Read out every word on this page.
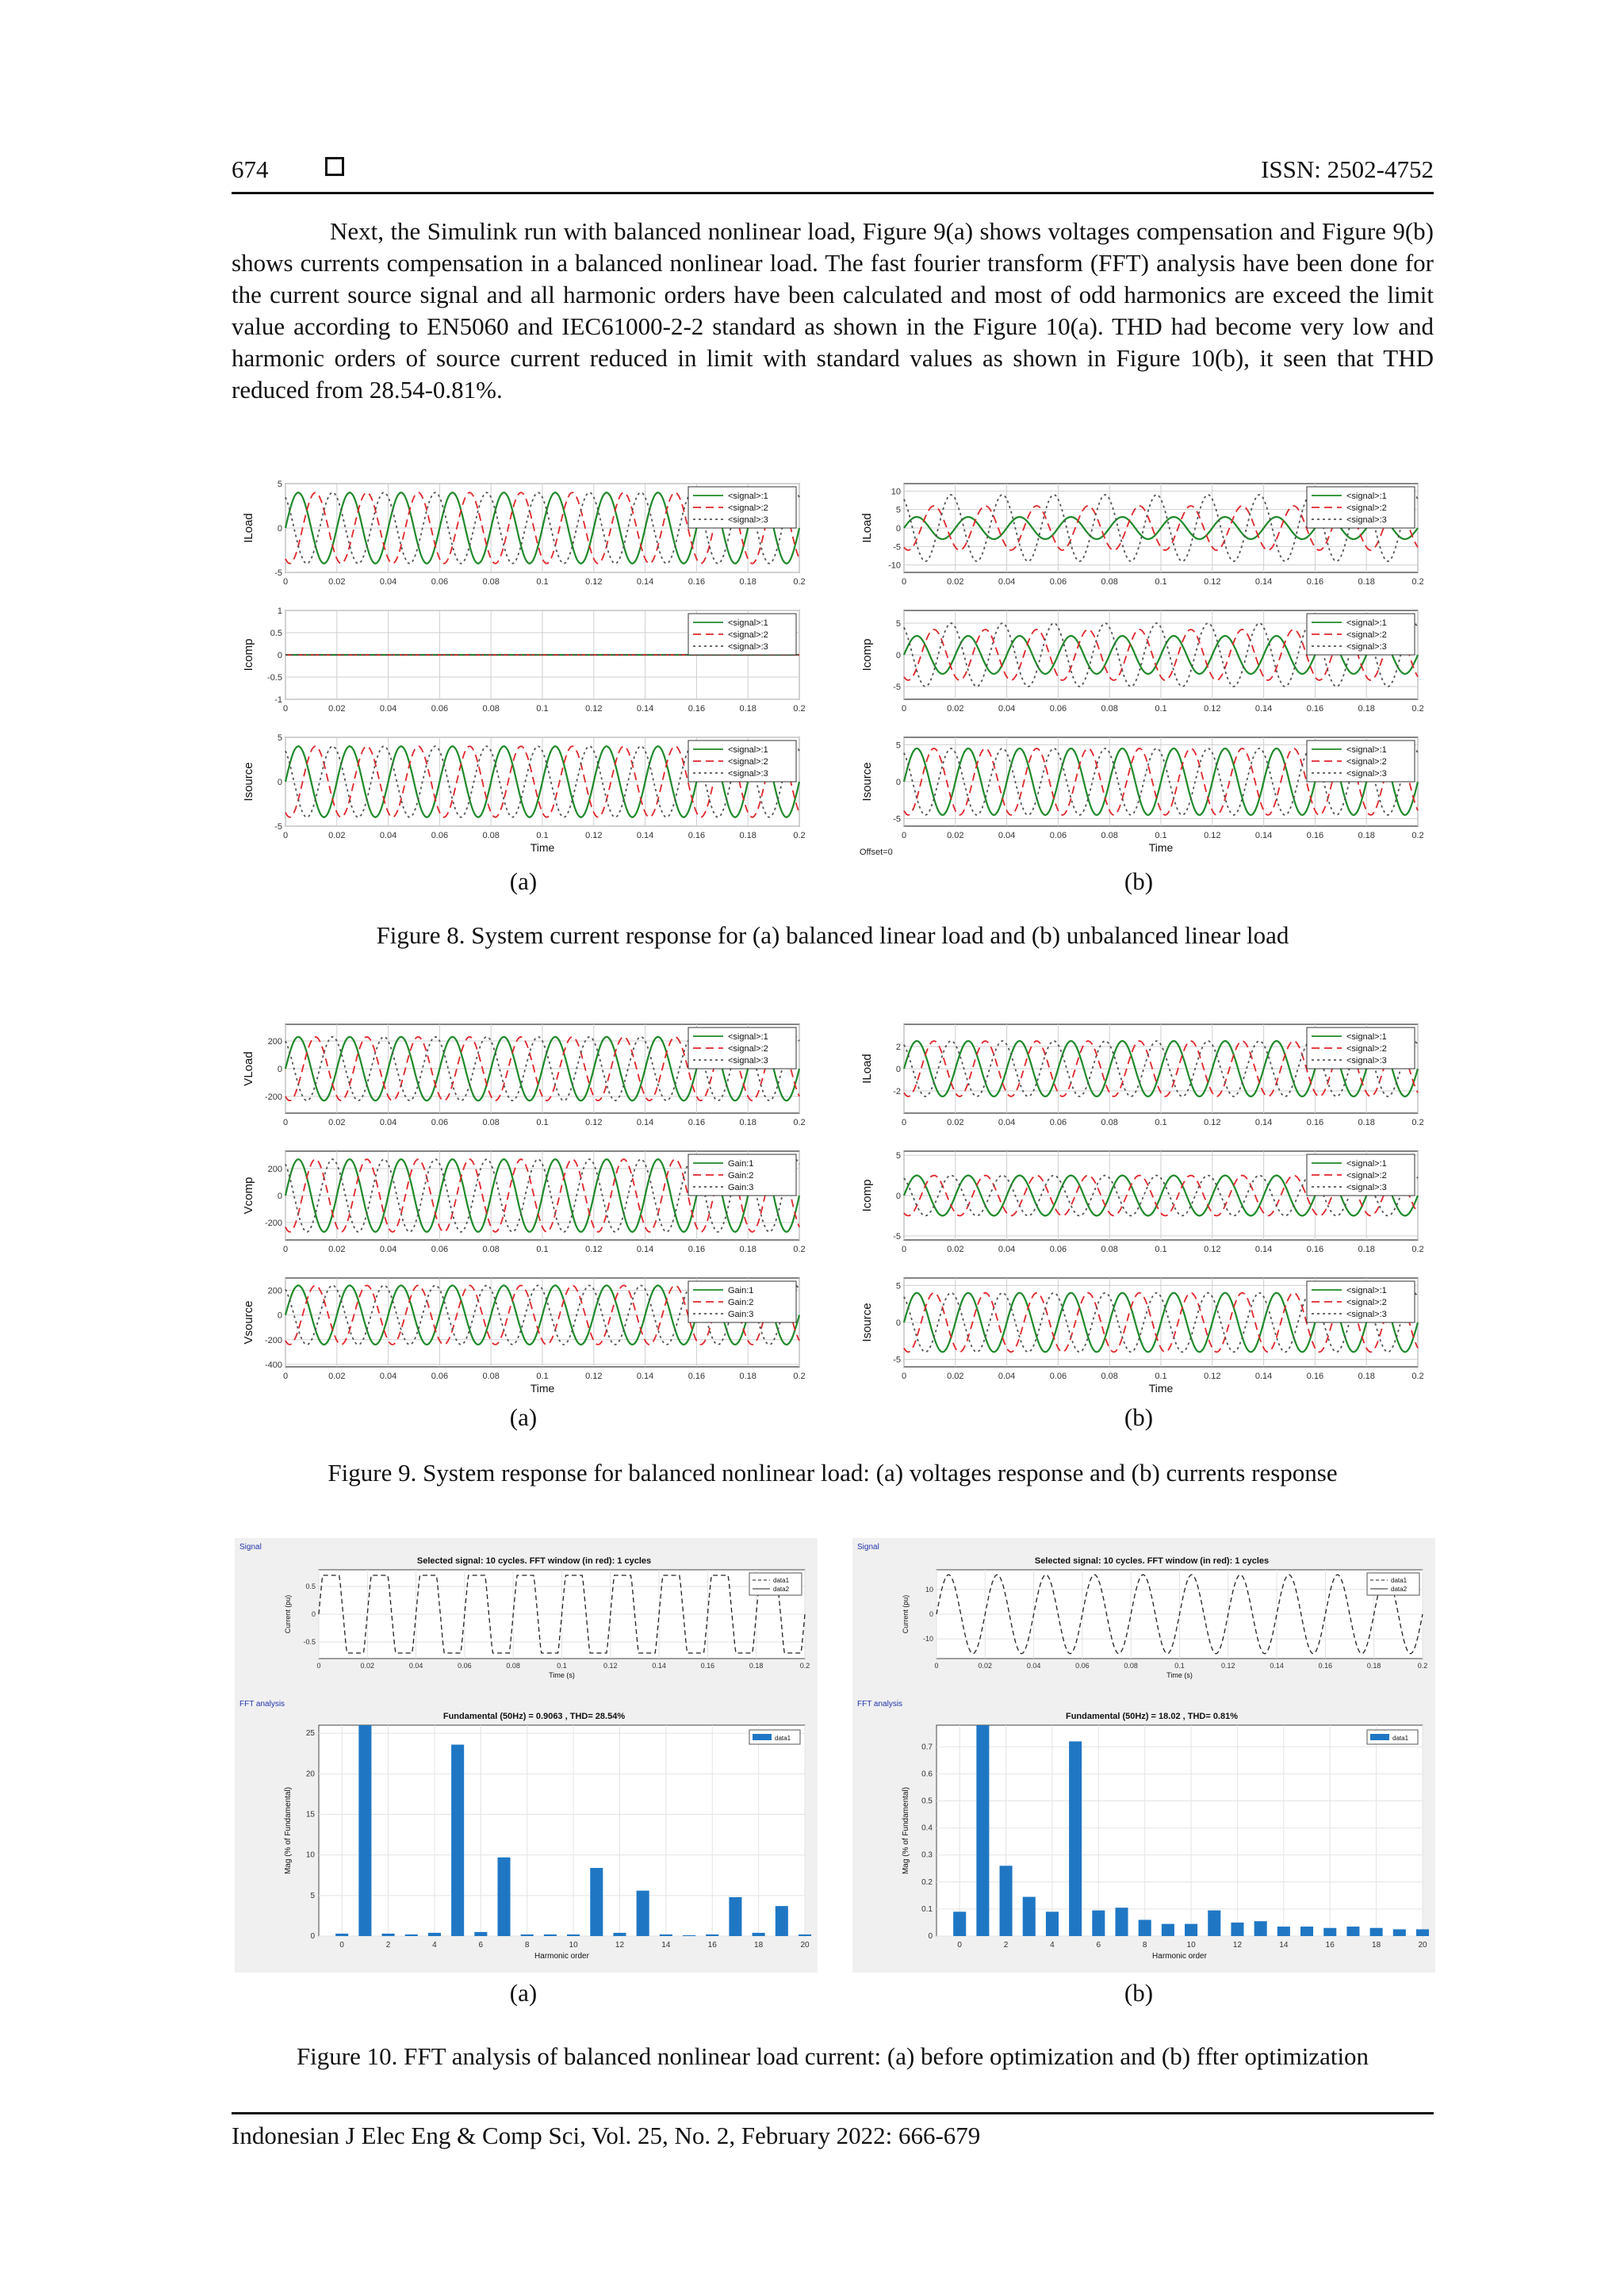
674	ISSN: 2502-4752

Next, the Simulink run with balanced nonlinear load, Figure 9(a) shows voltages compensation and Figure 9(b) shows currents compensation in a balanced nonlinear load. The fast fourier transform (FFT) analysis have been done for the current source signal and all harmonic orders have been calculated and most of odd harmonics are exceed the limit value according to EN5060 and IEC61000-2-2 standard as shown in the Figure 10(a). THD had become very low and harmonic orders of source current reduced in limit with standard values as shown in Figure 10(b), it seen that THD reduced from 28.54-0.81%.

0	0.02	0.04	0.06	0.08	0.1	0.12	0.14	0.16	0.18	0.2
-5
0
5
ILoad
<signal>:1
<signal>:2
<signal>:3
0	0.02	0.04	0.06	0.08	0.1	0.12	0.14	0.16	0.18	0.2
-1
-0.5
0
0.5
1
Icomp
<signal>:1
<signal>:2
<signal>:3
0	0.02	0.04	0.06	0.08	0.1	0.12	0.14	0.16	0.18	0.2
-5
0
5
Isource
<signal>:1
<signal>:2
<signal>:3
Time
0	0.02	0.04	0.06	0.08	0.1	0.12	0.14	0.16	0.18	0.2
-10
-5
0
5
10
ILoad
<signal>:1
<signal>:2
<signal>:3
0	0.02	0.04	0.06	0.08	0.1	0.12	0.14	0.16	0.18	0.2
-5
0
5
Icomp
<signal>:1
<signal>:2
<signal>:3
0	0.02	0.04	0.06	0.08	0.1	0.12	0.14	0.16	0.18	0.2
-5
0
5
Isource
<signal>:1
<signal>:2
<signal>:3
Time
Offset=0
(a)	(b)
Figure 8. System current response for (a) balanced linear load and (b) unbalanced linear load
0	0.02	0.04	0.06	0.08	0.1	0.12	0.14	0.16	0.18	0.2
-200
0
200
VLoad
<signal>:1
<signal>:2
<signal>:3
0	0.02	0.04	0.06	0.08	0.1	0.12	0.14	0.16	0.18	0.2
-200
0
200
Vcomp
Gain:1
Gain:2
Gain:3
0	0.02	0.04	0.06	0.08	0.1	0.12	0.14	0.16	0.18	0.2
-400
-200
0
200
Vsource
Gain:1
Gain:2
Gain:3
Time
0	0.02	0.04	0.06	0.08	0.1	0.12	0.14	0.16	0.18	0.2
-2
0
2
ILoad
<signal>:1
<signal>:2
<signal>:3
0	0.02	0.04	0.06	0.08	0.1	0.12	0.14	0.16	0.18	0.2
-5
0
5
Icomp
<signal>:1
<signal>:2
<signal>:3
0	0.02	0.04	0.06	0.08	0.1	0.12	0.14	0.16	0.18	0.2
-5
0
5
Isource
<signal>:1
<signal>:2
<signal>:3
Time
(a)	(b)
Figure 9. System response for balanced nonlinear load: (a) voltages response and (b) currents response
Signal
Selected signal: 10 cycles. FFT window (in red): 1 cycles
0	0.02	0.04	0.06	0.08	0.1	0.12	0.14	0.16	0.18	0.2
-0.5
0
0.5
Current (pu)
Time (s)
data1
data2
FFT analysis
Fundamental (50Hz) = 0.9063 , THD= 28.54%
0	2	4	6	8	10	12	14	16	18	20
0
5
10
15
20
25
Mag (% of Fundamental)
Harmonic order
data1
Signal
Selected signal: 10 cycles. FFT window (in red): 1 cycles
0	0.02	0.04	0.06	0.08	0.1	0.12	0.14	0.16	0.18	0.2
-10
0
10
Current (pu)
Time (s)
data1
data2
FFT analysis
Fundamental (50Hz) = 18.02 , THD= 0.81%
0	2	4	6	8	10	12	14	16	18	20
0
0.1
0.2
0.3
0.4
0.5
0.6
0.7
Mag (% of Fundamental)
Harmonic order
data1
(a)	(b)
Figure 10. FFT analysis of balanced nonlinear load current: (a) before optimization and (b) ffter optimization
Indonesian J Elec Eng & Comp Sci, Vol. 25, No. 2, February 2022: 666-679
